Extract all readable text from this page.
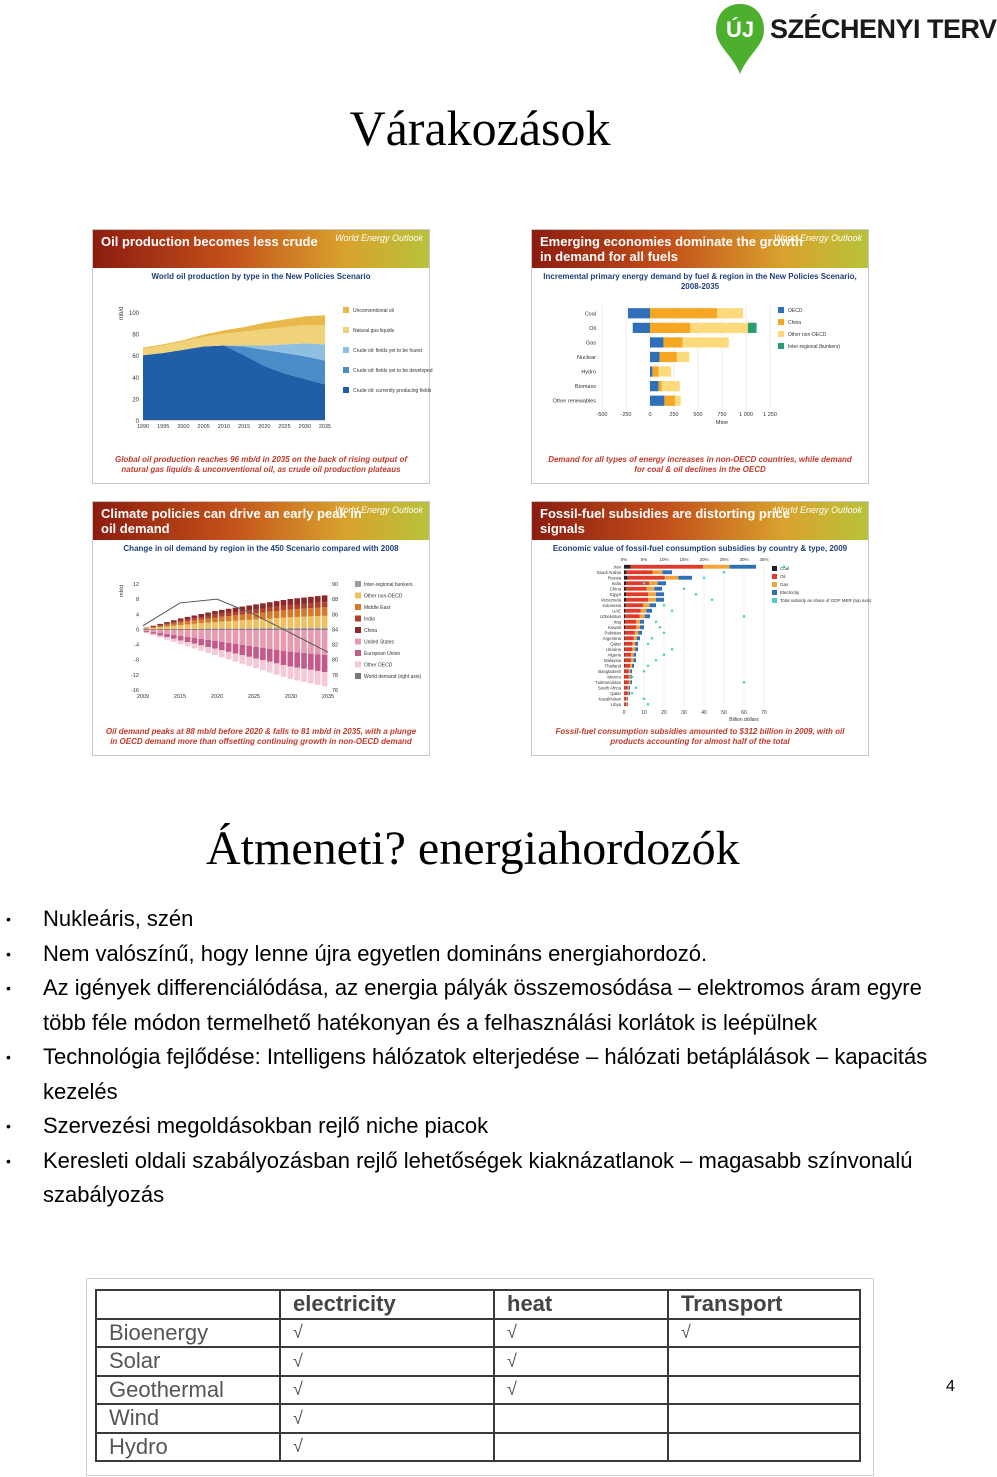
ÚJ SZÉCHENYI TERV
Várakozások
Oil production becomes less crude	World Energy Outlook
World oil production by type in the New Policies Scenario
100
80
60
40
20
0
mb/d
1990 1995 2000 2005 2010 2015 2020 2025 2030 2035
Unconventional oil
Natural gas liquids
Crude oil: fields yet to be found
Crude oil: fields yet to be developed
Crude oil: currently producing fields
Global oil production reaches 96 mb/d in 2035 on the back of rising output of natural gas liquids & unconventional oil, as crude oil production plateaus
Emerging economies dominate the growth in demand for all fuels
World Energy Outlook
Incremental primary energy demand by fuel & region in the New Policies Scenario, 2008-2035
-500 -250	0	250	500	750 1 000 1 250
Mtoe
Coal
Oil
Gas
Nuclear
Hydro
Biomass
Other renewables
OECD
China
Other non-OECD
Inter-regional (bunkers)
Demand for all types of energy increases in non-OECD countries, while demand for coal & oil declines in the OECD
Climate policies can drive an early peak in oil demand
World Energy Outlook
Change in oil demand by region in the 450 Scenario compared with 2008
12
8
4
0
-4
-8
-12
-16
90
88
86
84
82
80
78
76
mb/d
2009	2015	2020	2025	2030	2035
Inter-regional bunkers
Other non-OECD
Middle East
India
China
United States
European Union
Other OECD
World demand (right axis)
Oil demand peaks at 88 mb/d before 2020 & falls to 81 mb/d in 2035, with a plunge in OECD demand more than offsetting continuing growth in non-OECD demand
Fossil-fuel subsidies are distorting price signals
World Energy Outlook
Economic value of fossil-fuel consumption subsidies by country & type, 2009
0%	5%	10% 15% 20% 25% 30% 35%
0	10	20	30	40	50	60	70
Billion dollars
Iran
Saudi Arabia
Russia
India
China
Egypt
Venezuela
Indonesia
UAE
Uzbekistan
Iraq
Kuwait
Pakistan
Argentina
Qatar
Ukraine
Algeria
Malaysia
Thailand
Bangladesh
Mexico
Turkmenistan
South Africa
Qatar
Kazakhstan
Libya
Coal
Oil
Gas
Electricity
Total subsidy as share of GDP MER (top axis)
Fossil-fuel consumption subsidies amounted to $312 billion in 2009, with oil products accounting for almost half of the total
Átmeneti? energiahordozók
• Nukleáris, szén
• Nem valószínű, hogy lenne újra egyetlen domináns energiahordozó.
• Az igények differenciálódása, az energia pályák összemosódása – elektromos áram egyre több féle módon termelhető hatékonyan és a felhasználási korlátok is leépülnek
• Technológia fejlődése: Intelligens hálózatok elterjedése – hálózati betáplálások – kapacitás kezelés
• Szervezési megoldásokban rejlő niche piacok
• Keresleti oldali szabályozásban rejlő lehetőségek kiaknázatlanok – magasabb színvonalú szabályozás
	electricity	heat	Transport
Bioenergy	√	√	√
Solar	√	√	
Geothermal	√	√	
Wind	√		
Hydro	√		
4
